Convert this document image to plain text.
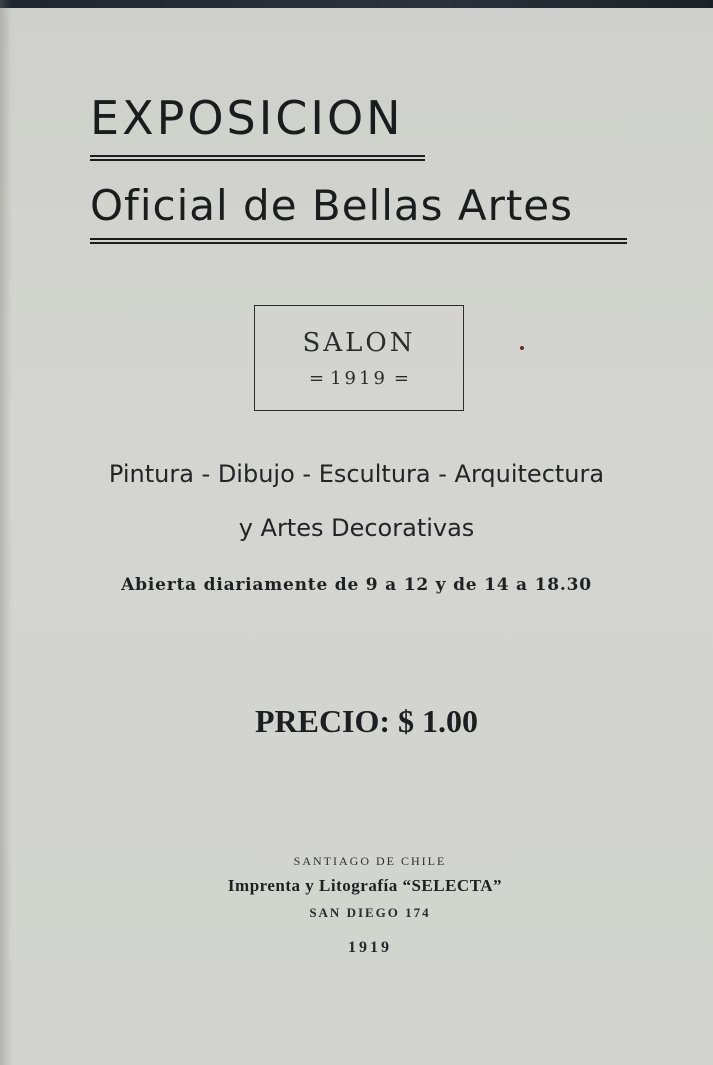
EXPOSICION
Oficial de Bellas Artes
SALON
= 1919 =
Pintura - Dibujo - Escultura - Arquitectura
y Artes Decorativas
Abierta diariamente de 9 a 12 y de 14 a 18.30
PRECIO: $ 1.00
SANTIAGO DE CHILE
Imprenta y Litografía “SELECTA”
SAN DIEGO 174
1919
